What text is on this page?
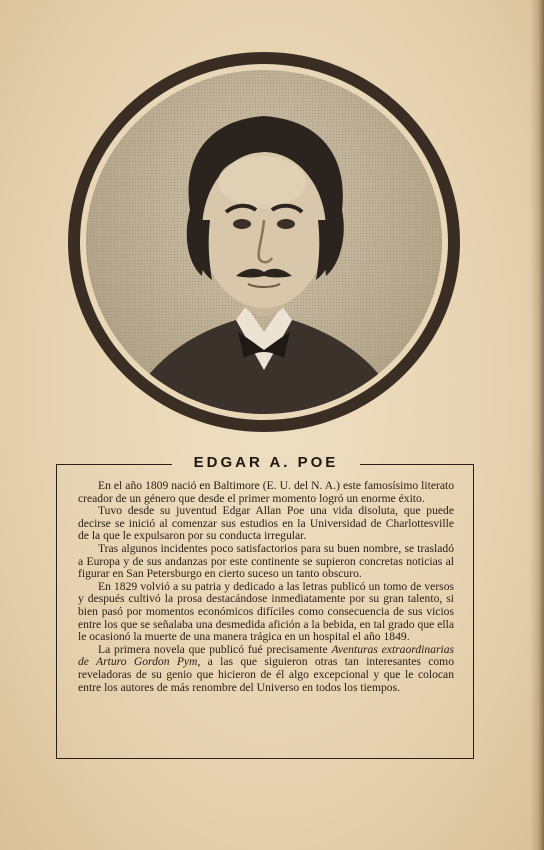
EDGAR A. POE

En el año 1809 nació en Baltimore (E. U. del N. A.) este famosísimo literato creador de un género que desde el primer momento logró un enorme éxito.

Tuvo desde su juventud Edgar Allan Poe una vida disoluta, que puede decirse se inició al comenzar sus estudios en la Universidad de Charlottesville de la que le expulsaron por su conducta irregular.

Tras algunos incidentes poco satisfactorios para su buen nombre, se trasladó a Europa y de sus andanzas por este continente se supieron concretas noticias al figurar en San Petersburgo en cierto suceso un tanto obscuro.

En 1829 volvió a su patria y dedicado a las letras publicó un tomo de versos y después cultivó la prosa destacándose inmediatamente por su gran talento, si bien pasó por momentos económicos difíciles como consecuencia de sus vicios entre los que se señalaba una desmedida afición a la bebida, en tal grado que ella le ocasionó la muerte de una manera trágica en un hospital el año 1849.

La primera novela que publicó fué precisamente Aventuras extraordinarias de Arturo Gordon Pym, a las que siguieron otras tan interesantes como reveladoras de su genio que hicieron de él algo excepcional y que le colocan entre los autores de más renombre del Universo en todos los tiempos.
